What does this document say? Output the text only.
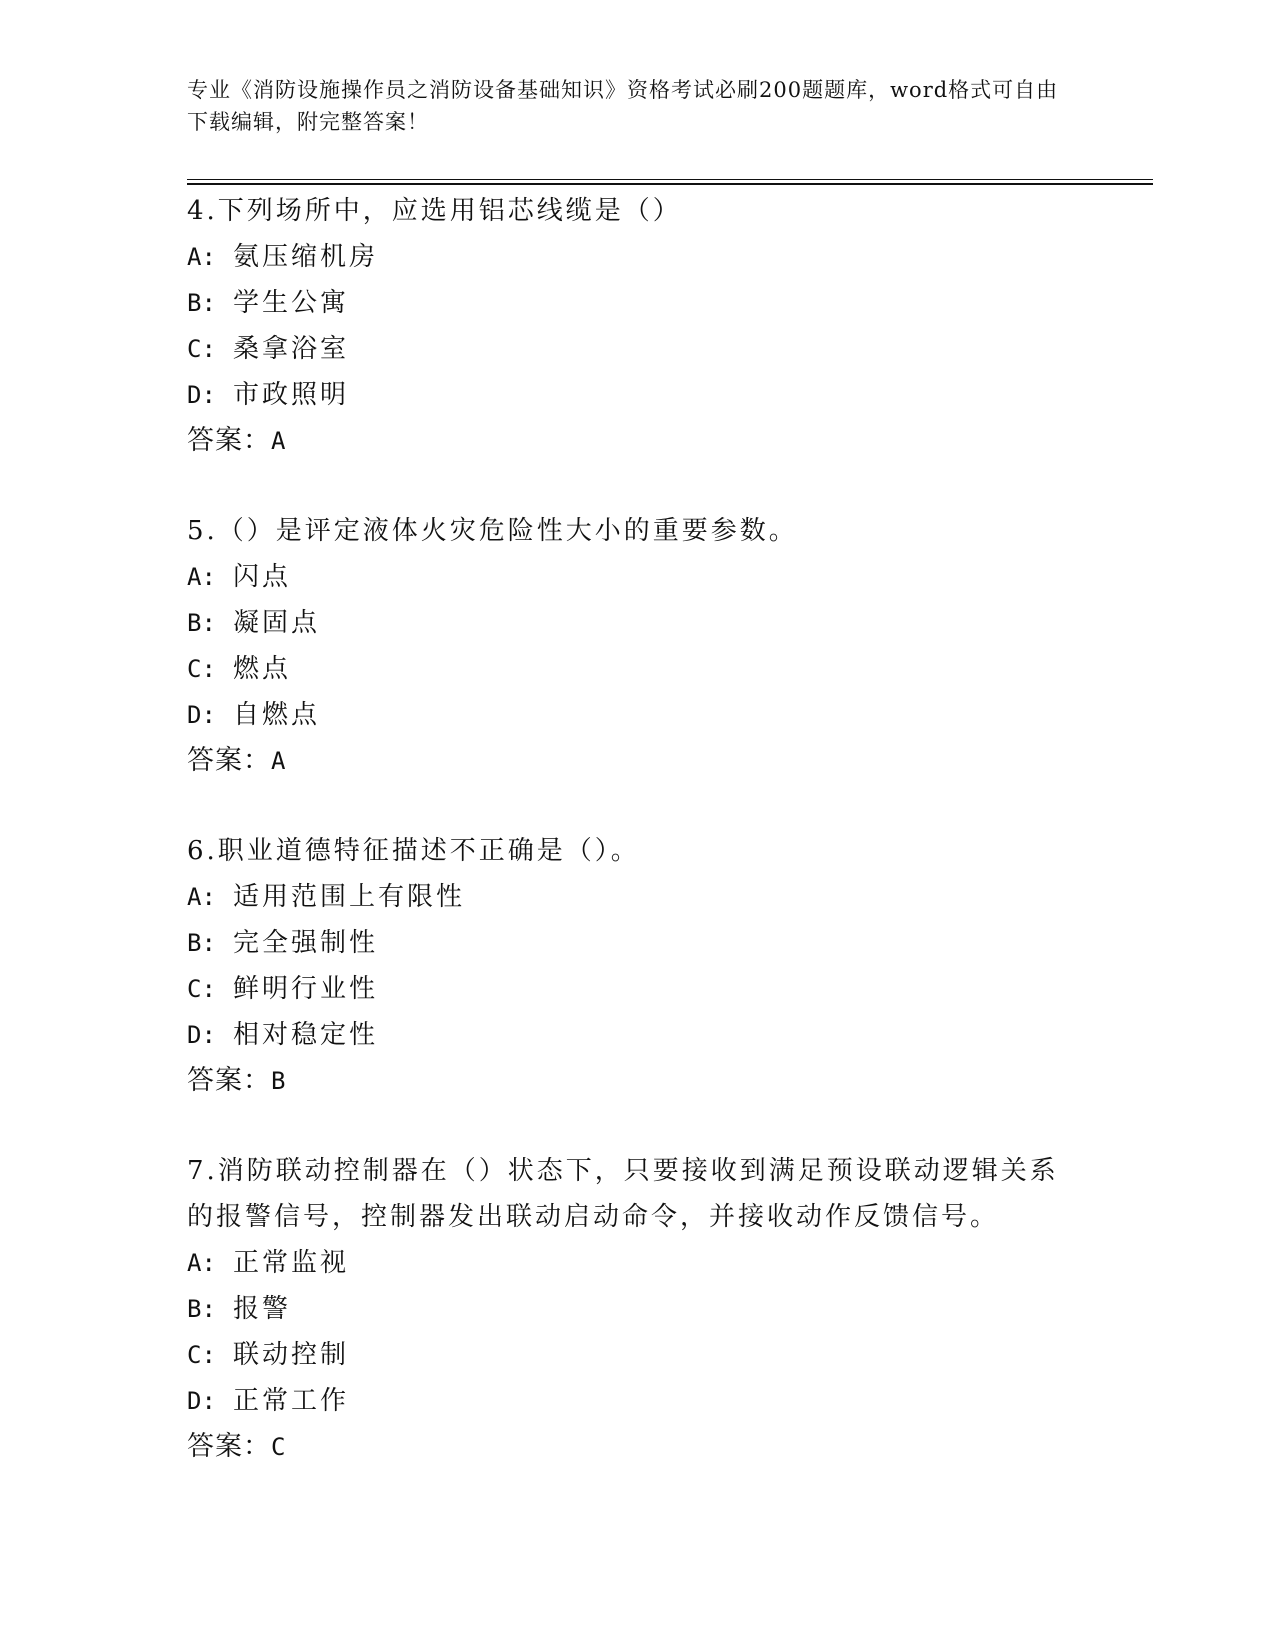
专业《消防设施操作员之消防设备基础知识》资格考试必刷200题题库，word格式可自由下载编辑，附完整答案！
4.下列场所中，应选用铝芯线缆是（）
A: 氨压缩机房
B: 学生公寓
C: 桑拿浴室
D: 市政照明
答案：A
5.（）是评定液体火灾危险性大小的重要参数。
A: 闪点
B: 凝固点
C: 燃点
D: 自燃点
答案：A
6.职业道德特征描述不正确是（）。
A: 适用范围上有限性
B: 完全强制性
C: 鲜明行业性
D: 相对稳定性
答案：B
7.消防联动控制器在（）状态下，只要接收到满足预设联动逻辑关系的报警信号，控制器发出联动启动命令，并接收动作反馈信号。
A: 正常监视
B: 报警
C: 联动控制
D: 正常工作
答案：C
